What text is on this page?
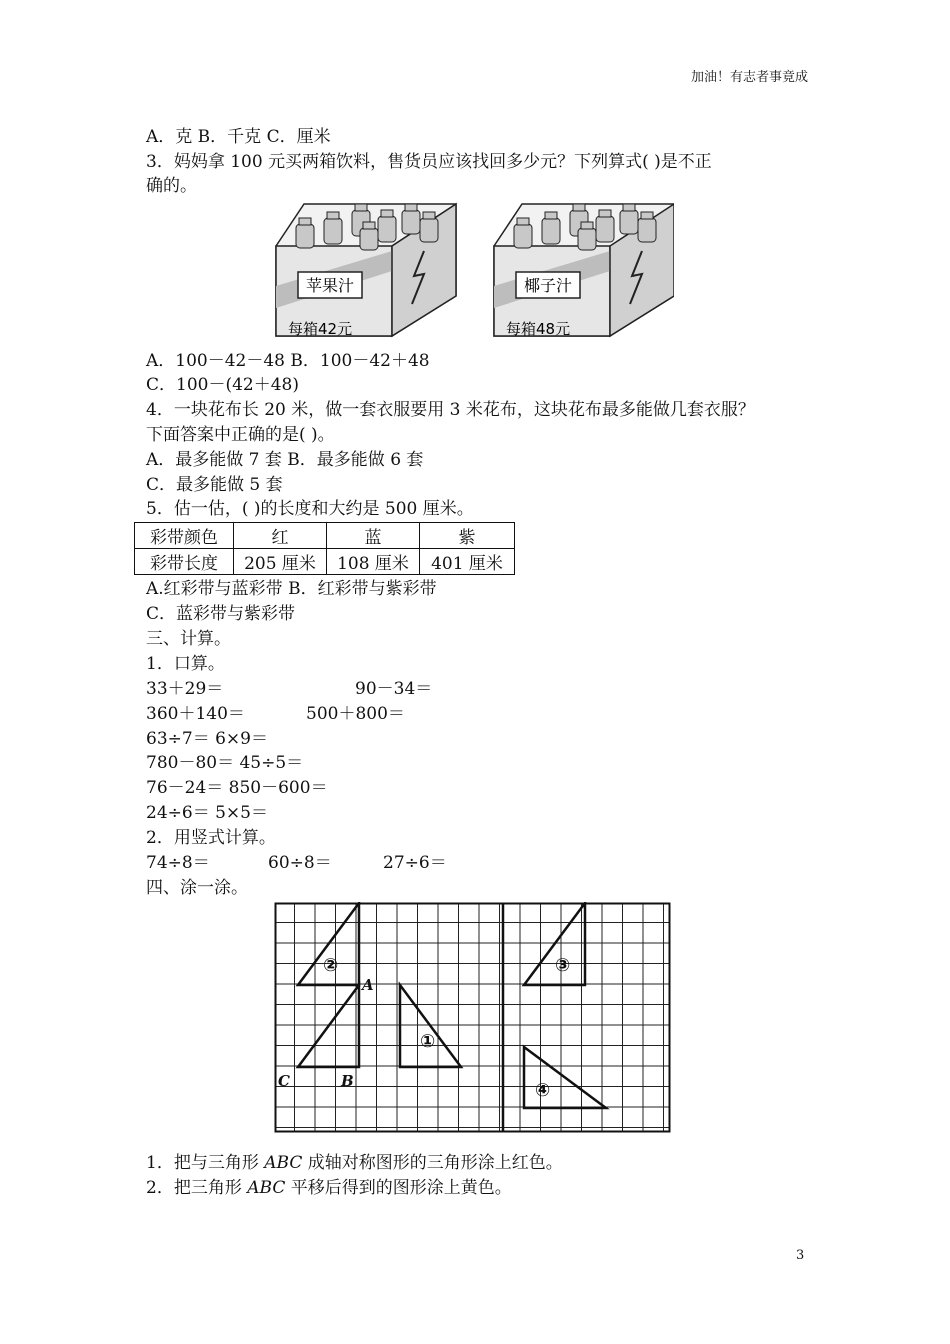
加油！有志者事竟成
A．克 B．千克 C．厘米
3．妈妈拿 100 元买两箱饮料，售货员应该找回多少元？下列算式( )是不正
确的。
苹果汁
每箱42元
椰子汁
每箱48元
A．100－42－48 B．100－42＋48
C．100－(42＋48)
4．一块花布长 20 米，做一套衣服要用 3 米花布，这块花布最多能做几套衣服？
下面答案中正确的是( )。
A．最多能做 7 套 B．最多能做 6 套
C．最多能做 5 套
5．估一估，( )的长度和大约是 500 厘米。
彩带颜色	红	蓝	紫
彩带长度	205 厘米	108 厘米	401 厘米
A.红彩带与蓝彩带 B．红彩带与紫彩带
C．蓝彩带与紫彩带
三、计算。
1．口算。
33＋29＝	90－34＝
360＋140＝	500＋800＝
63÷7＝ 6×9＝
780－80＝ 45÷5＝
76－24＝ 850－600＝
24÷6＝ 5×5＝
2．用竖式计算。
74÷8＝	60÷8＝	27÷6＝
四、涂一涂。
A
B
C
①
②	③
④
1．把与三角形 ABC 成轴对称图形的三角形涂上红色。
2．把三角形 ABC 平移后得到的图形涂上黄色。
3
